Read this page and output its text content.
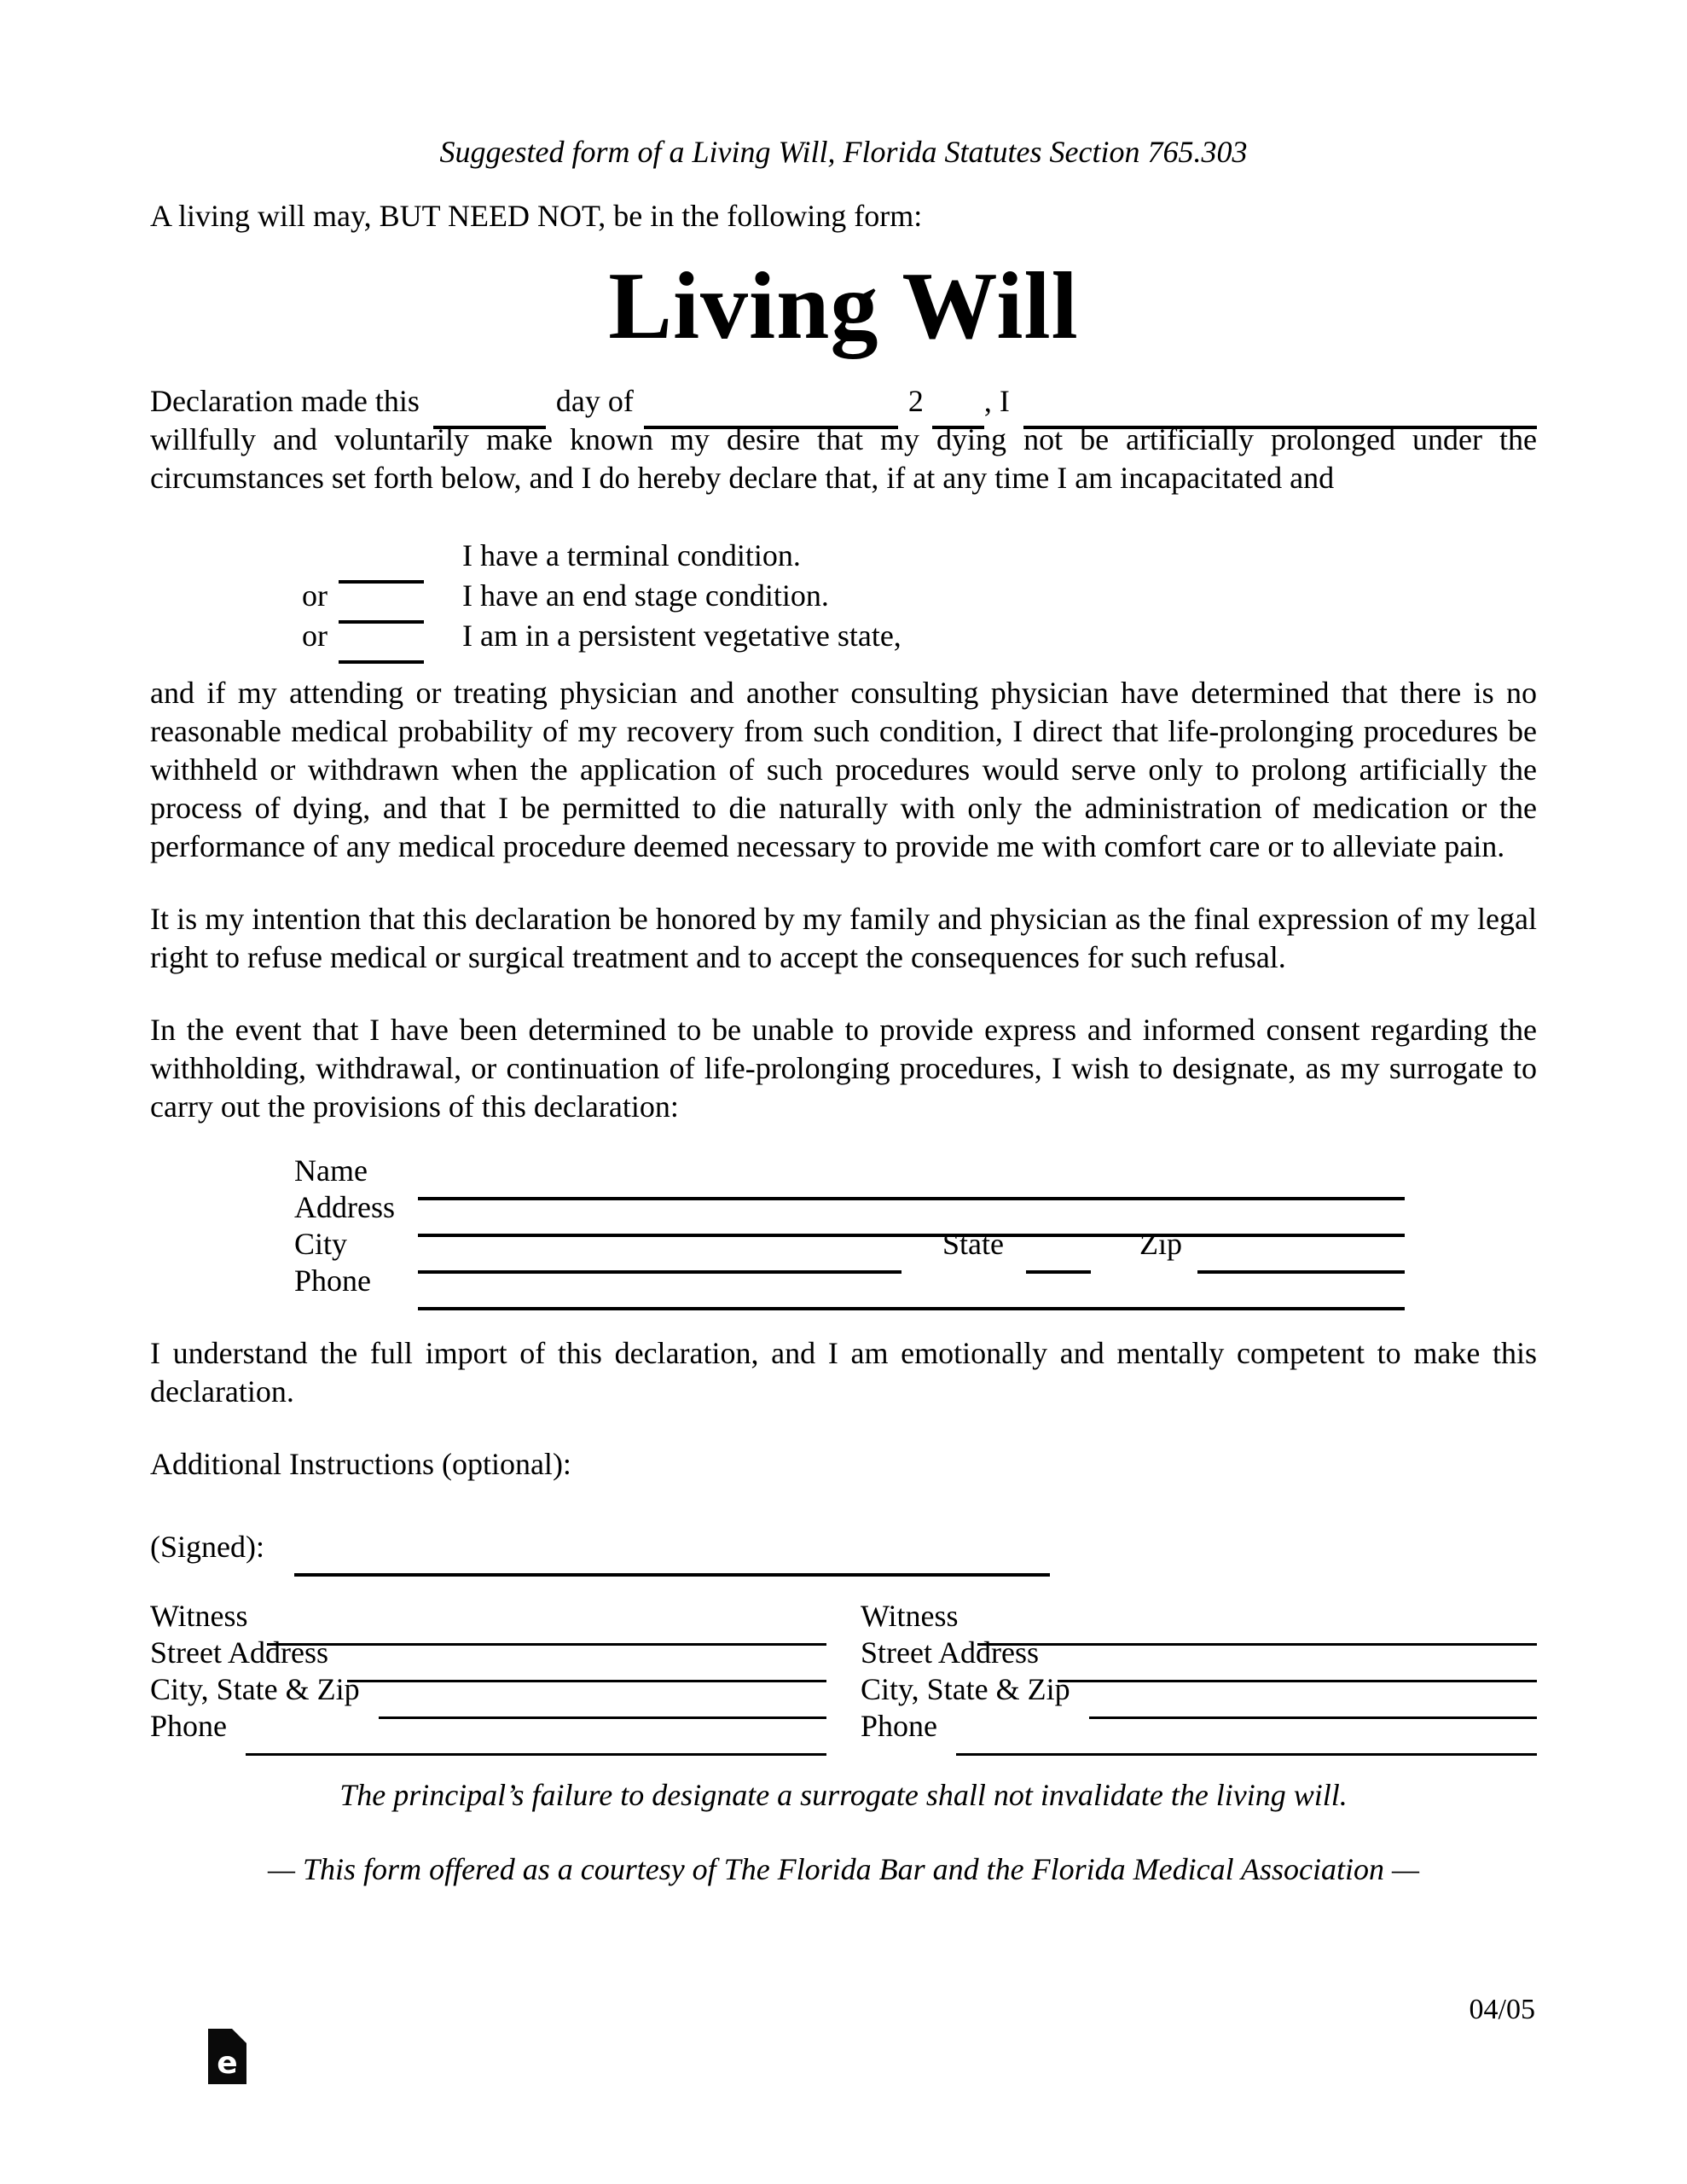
Suggested form of a Living Will, Florida Statutes Section 765.303

A living will may, BUT NEED NOT, be in the following form:

Living Will
Declaration made this	day of	2 , I

willfully and voluntarily make known my desire that my dying not be artificially prolonged under the circumstances set forth below, and I do hereby declare that, if at any time I am incapacitated and

I have a terminal condition.
or	I have an end stage condition.
or	I am in a persistent vegetative state,

and if my attending or treating physician and another consulting physician have determined that there is no reasonable medical probability of my recovery from such condition, I direct that life-prolonging procedures be withheld or withdrawn when the application of such procedures would serve only to prolong artificially the process of dying, and that I be permitted to die naturally with only the administration of medication or the performance of any medical procedure deemed necessary to provide me with comfort care or to alleviate pain.

It is my intention that this declaration be honored by my family and physician as the final expression of my legal right to refuse medical or surgical treatment and to accept the consequences for such refusal.

In the event that I have been determined to be unable to provide express and informed consent regarding the withholding, withdrawal, or continuation of life-prolonging procedures, I wish to designate, as my surrogate to carry out the provisions of this declaration:

Name
Address
City	State	Zip
Phone

I understand the full import of this declaration, and I am emotionally and mentally competent to make this declaration.

Additional Instructions (optional):

(Signed):
Witness
Street Address
City, State & Zip
Phone
Witness
Street Address
City, State & Zip
Phone

The principal’s failure to designate a surrogate shall not invalidate the living will.

— This form offered as a courtesy of The Florida Bar and the Florida Medical Association —

04/05
e
